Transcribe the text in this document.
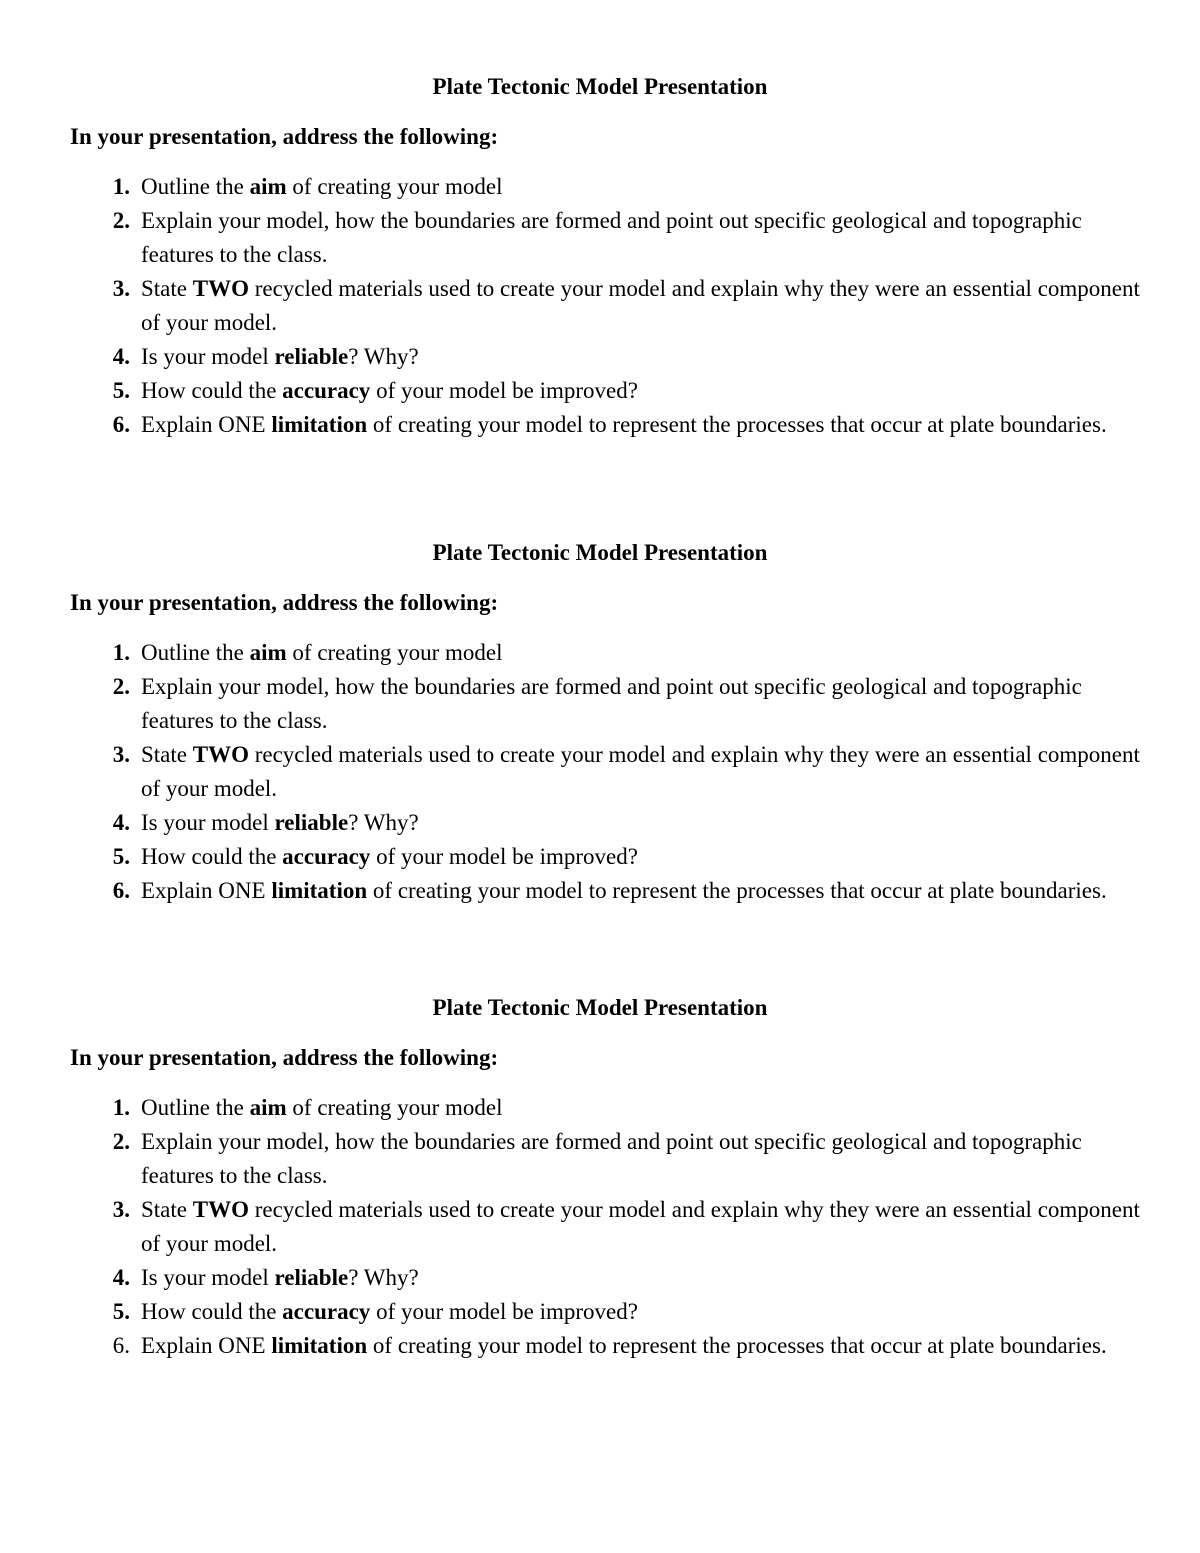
Plate Tectonic Model Presentation

In your presentation, address the following:

1. Outline the aim of creating your model
2. Explain your model, how the boundaries are formed and point out specific geological and topographic features to the class.
3. State TWO recycled materials used to create your model and explain why they were an essential component of your model.
4. Is your model reliable? Why?
5. How could the accuracy of your model be improved?
6. Explain ONE limitation of creating your model to represent the processes that occur at plate boundaries.

Plate Tectonic Model Presentation

In your presentation, address the following:

1. Outline the aim of creating your model
2. Explain your model, how the boundaries are formed and point out specific geological and topographic features to the class.
3. State TWO recycled materials used to create your model and explain why they were an essential component of your model.
4. Is your model reliable? Why?
5. How could the accuracy of your model be improved?
6. Explain ONE limitation of creating your model to represent the processes that occur at plate boundaries.

Plate Tectonic Model Presentation

In your presentation, address the following:

1. Outline the aim of creating your model
2. Explain your model, how the boundaries are formed and point out specific geological and topographic features to the class.
3. State TWO recycled materials used to create your model and explain why they were an essential component of your model.
4. Is your model reliable? Why?
5. How could the accuracy of your model be improved?
6. Explain ONE limitation of creating your model to represent the processes that occur at plate boundaries.
